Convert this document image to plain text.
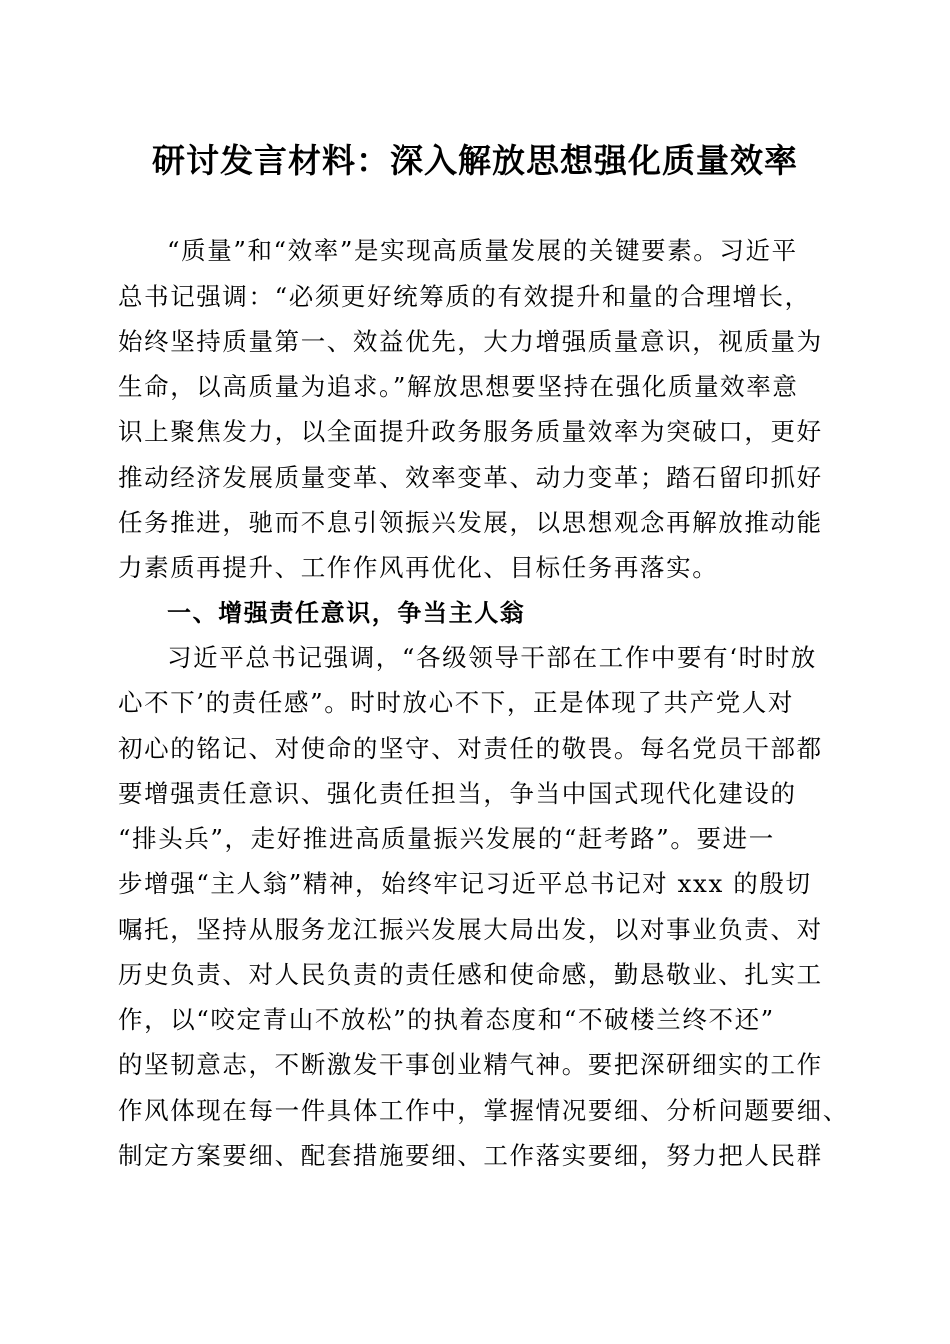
研讨发言材料：深入解放思想强化质量效率

“质量”和“效率”是实现高质量发展的关键要素。习近平

总书记强调：“必须更好统筹质的有效提升和量的合理增长，

始终坚持质量第一、效益优先，大力增强质量意识，视质量为

生命，以高质量为追求。”解放思想要坚持在强化质量效率意

识上聚焦发力，以全面提升政务服务质量效率为突破口，更好

推动经济发展质量变革、效率变革、动力变革；踏石留印抓好

任务推进，驰而不息引领振兴发展，以思想观念再解放推动能

力素质再提升、工作作风再优化、目标任务再落实。

一、增强责任意识，争当主人翁

习近平总书记强调，“各级领导干部在工作中要有‘时时放

心不下’的责任感”。时时放心不下，正是体现了共产党人对

初心的铭记、对使命的坚守、对责任的敬畏。每名党员干部都

要增强责任意识、强化责任担当，争当中国式现代化建设的

“排头兵”，走好推进高质量振兴发展的“赶考路”。要进一

步增强“主人翁”精神，始终牢记习近平总书记对 xxx 的殷切

嘱托，坚持从服务龙江振兴发展大局出发，以对事业负责、对

历史负责、对人民负责的责任感和使命感，勤恳敬业、扎实工

作，以“咬定青山不放松”的执着态度和“不破楼兰终不还”

的坚韧意志，不断激发干事创业精气神。要把深研细实的工作

作风体现在每一件具体工作中，掌握情况要细、分析问题要细、

制定方案要细、配套措施要细、工作落实要细，努力把人民群
